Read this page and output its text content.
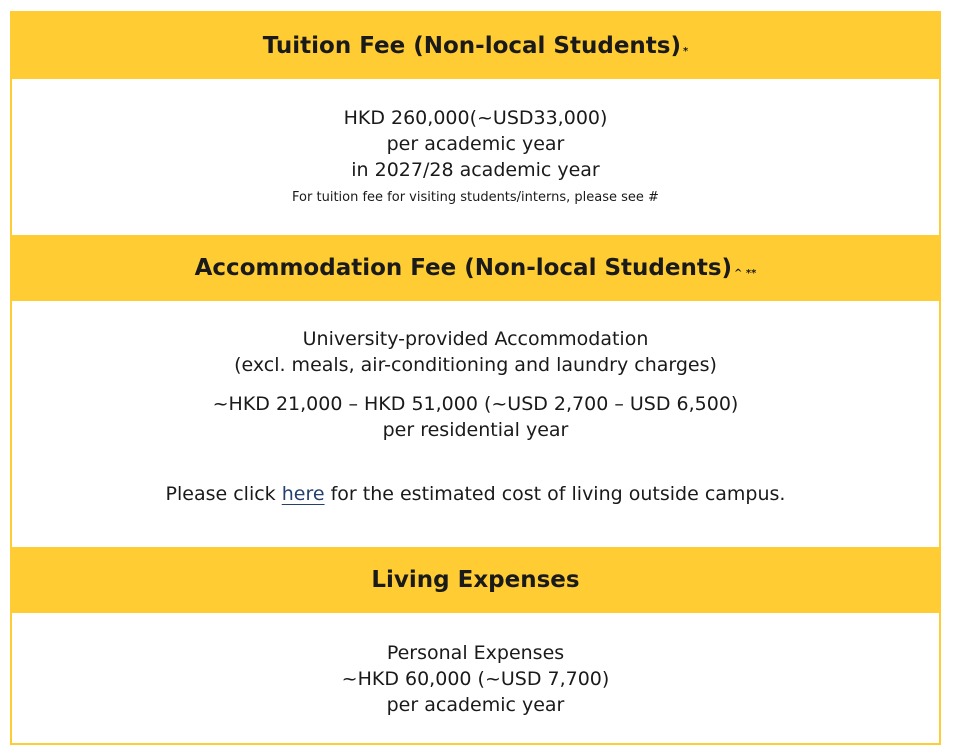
Tuition Fee (Non-local Students)*
HKD 260,000(~USD33,000)
per academic year
in 2027/28 academic year
For tuition fee for visiting students/interns, please see #
Accommodation Fee (Non-local Students)^ **
University-provided Accommodation
(excl. meals, air-conditioning and laundry charges)
~HKD 21,000 – HKD 51,000 (~USD 2,700 – USD 6,500)
per residential year
Please click here for the estimated cost of living outside campus.
Living Expenses
Personal Expenses
~HKD 60,000 (~USD 7,700)
per academic year
